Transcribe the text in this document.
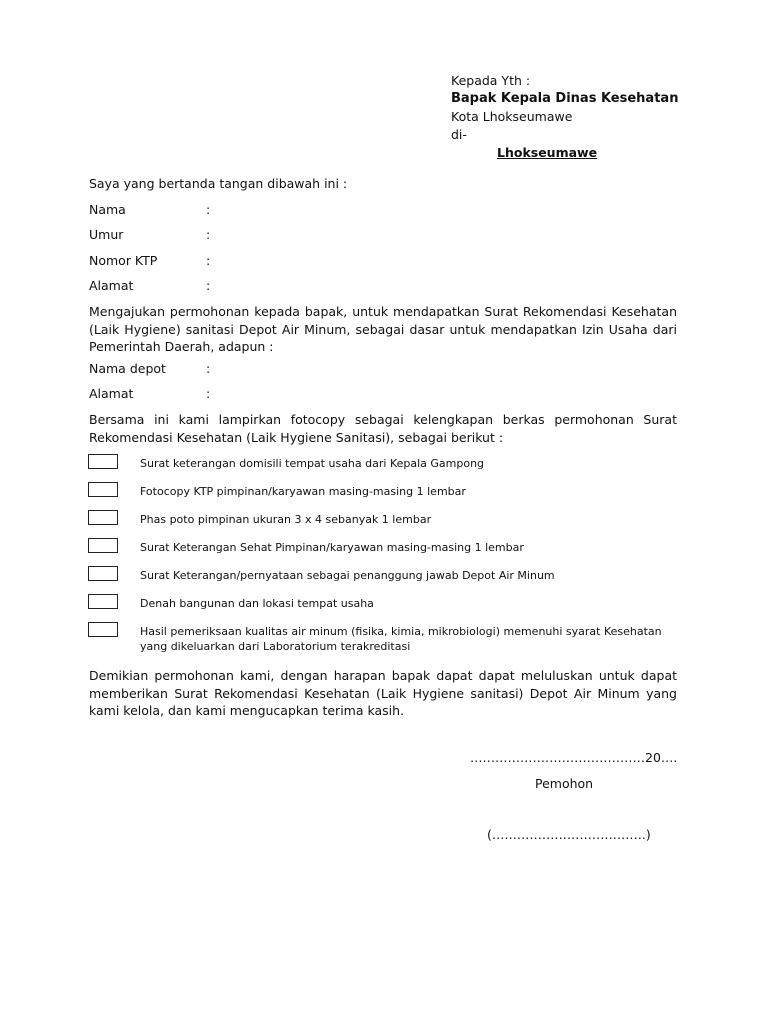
Kepada Yth :
Bapak Kepala Dinas Kesehatan
Kota Lhokseumawe
di-
Lhokseumawe
Saya yang bertanda tangan dibawah ini :
Nama	:
Umur	:
Nomor KTP	:
Alamat	:
Mengajukan permohonan kepada bapak, untuk mendapatkan Surat Rekomendasi Kesehatan (Laik Hygiene) sanitasi Depot Air Minum, sebagai dasar untuk mendapatkan Izin Usaha dari Pemerintah Daerah, adapun :
Nama depot	:
Alamat	:
Bersama ini kami lampirkan fotocopy sebagai kelengkapan berkas permohonan Surat Rekomendasi Kesehatan (Laik Hygiene Sanitasi), sebagai berikut :
Surat keterangan domisili tempat usaha dari Kepala Gampong
Fotocopy KTP pimpinan/karyawan masing-masing 1 lembar
Phas poto pimpinan ukuran 3 x 4 sebanyak 1 lembar
Surat Keterangan Sehat Pimpinan/karyawan masing-masing 1 lembar
Surat Keterangan/pernyataan sebagai penanggung jawab Depot Air Minum
Denah bangunan dan lokasi tempat usaha
Hasil pemeriksaan kualitas air minum (fisika, kimia, mikrobiologi) memenuhi syarat Kesehatan
yang dikeluarkan dari Laboratorium terakreditasi
Demikian permohonan kami, dengan harapan bapak dapat dapat meluluskan untuk dapat memberikan Surat Rekomendasi Kesehatan (Laik Hygiene sanitasi) Depot Air Minum yang kami kelola, dan kami mengucapkan terima kasih.
……………………………………20….
Pemohon
(……………………………….)
